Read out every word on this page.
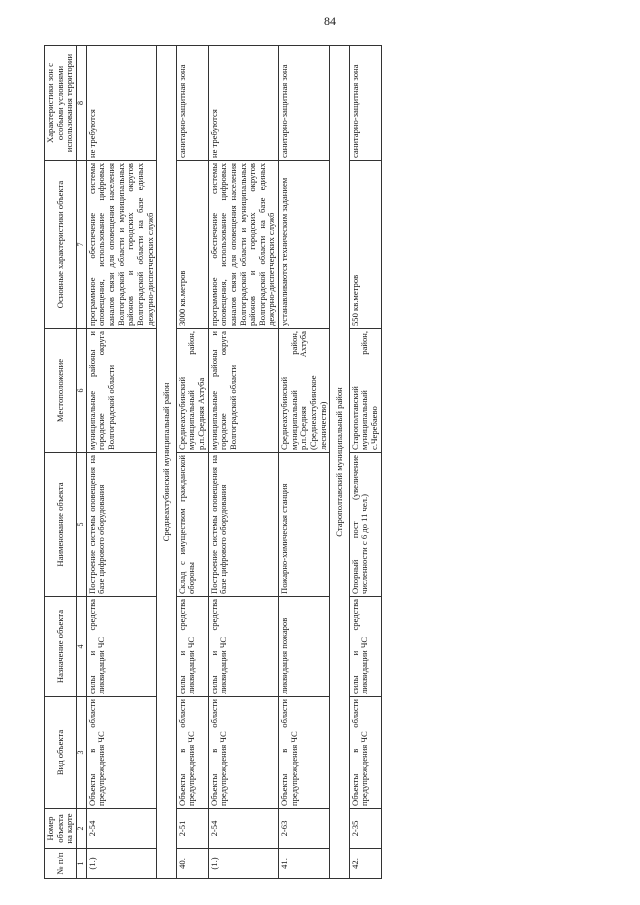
84
№ п/п	Номер объекта на карте	Вид объекта	Назначение объекта	Наименование объекта	Местоположение	Основные характеристики объекта	Характеристики зон с особыми условиями использования территории
1	2	3	4	5	6	7	8
(1.)	2-54	Объекты в области предупреждения ЧС	силы и средства ликвидации ЧС	Построение системы оповещения на базе цифрового оборудования	муниципальные районы и городские округа Волгоградской области	программное обеспечение системы оповещения, использование цифровых каналов связи для оповещения населения Волгоградской области и муниципальных районов и городских округов Волгоградской области на базе единых дежурно-диспетчерских служб	не требуются
Среднеахтубинский муниципальный район							
40.	2-51	Объекты в области предупреждения ЧС	силы и средства ликвидации ЧС	Склад с имуществом гражданской обороны	Среднеахтубинский муниципальный район, р.п.Средняя Ахтуба	3000 кв.метров	санитарно-защитная зона
(1.)	2-54	Объекты в области предупреждения ЧС	силы и средства ликвидации ЧС	Построение системы оповещения на базе цифрового оборудования	муниципальные районы и городские округа Волгоградской области	программное обеспечение системы оповещения, использование цифровых каналов связи для оповещения населения Волгоградской области и муниципальных районов и городских округов Волгоградской области на базе единых дежурно-диспетчерских служб	не требуются
41.	2-63	Объекты в области предупреждения ЧС	ликвидация пожаров	Пожарно-химическая станция	Среднеахтубинский муниципальный район, р.п.Средняя Ахтуба (Среднеахтубинское лесничество)	устанавливаются техническим заданием	санитарно-защитная зона
Старополтавский муниципальный район							
42.	2-35	Объекты в области предупреждения ЧС	силы и средства ликвидации ЧС	Опорный пост (увеличение численности с 6 до 11 чел.)	Старополтавский муниципальный район, с.Черебаево	550 кв.метров	санитарно-защитная зона
